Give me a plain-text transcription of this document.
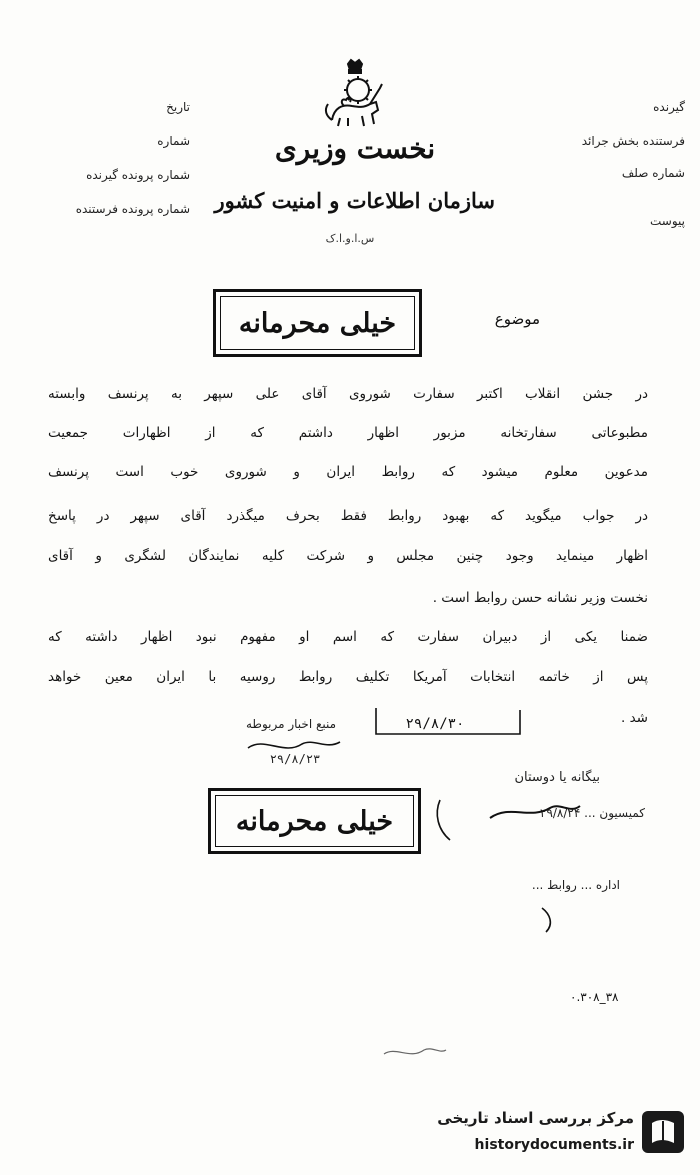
تاریخ
شماره
شماره پرونده گیرنده
شماره پرونده فرستنده
گیرنده
فرستنده بخش جرائد
شماره صلف
پیوست
نخست وزیری
سازمان اطلاعات و امنیت کشور
س.ا.و.ا.ک
خیلی محرمانه	موضوع
در جشن انقلاب اکتبر سفارت شوروی آقای علی سپهر به پرنسف وابسته
مطبوعاتی سفارتخانه مزبور اظهار داشتم که از اظهارات جمعیت
مدعوین معلوم میشود که روابط ایران و شوروی خوب است پرنسف
در جواب میگوید که بهبود روابط فقط بحرف میگذرد آقای سپهر در پاسخ
اظهار مینماید وجود چنین مجلس و شرکت کلیه نمایندگان لشگری و آقای
نخست وزیر نشانه حسن روابط است .
ضمنا یکی از دبیران سفارت که اسم او مفهوم نبود اظهار داشته که
پس از خاتمه انتخابات آمریکا تکلیف روابط روسیه با ایران معین خواهد
شد .
۲۹/۸/۳۰
منبع اخبار مربوطه
۲۹/۸/۲۳
خیلی محرمانه
بیگانه یا دوستان
کمیسیون ... ۲۹/۸/۲۴
اداره ... روابط ...
۰.۳۰۸_۳۸
مرکز بررسی اسناد تاریخی
historydocuments.ir
